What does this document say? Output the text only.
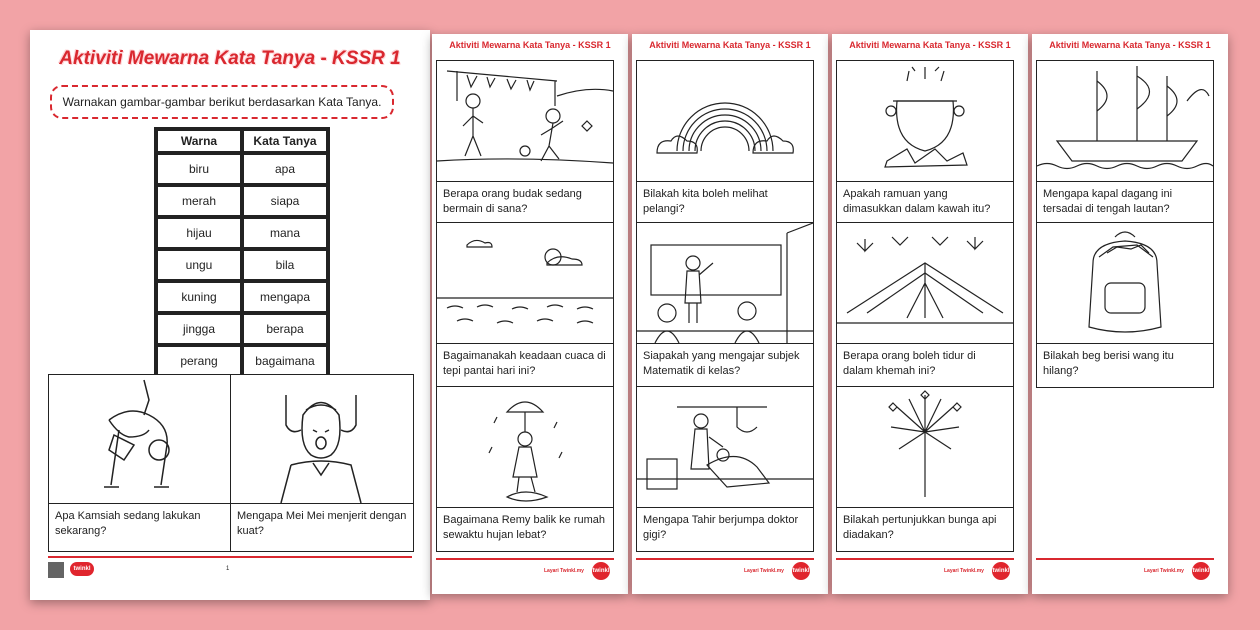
Aktiviti Mewarna Kata Tanya - KSSR 1
Warnakan gambar-gambar berikut berdasarkan Kata Tanya.
Warna	Kata Tanya
biru	apa
merah	siapa
hijau	mana
ungu	bila
kuning	mengapa
jingga	berapa
perang	bagaimana
Apa Kamsiah sedang lakukan sekarang?
Mengapa Mei Mei menjerit dengan kuat?
twinkl	1
Aktiviti Mewarna Kata Tanya - KSSR 1
Berapa orang budak sedang bermain di sana?
Bagaimanakah keadaan cuaca di tepi pantai hari ini?
Bagaimana Remy balik ke rumah sewaktu hujan lebat?
Layari Twinkl.my twinkl
Aktiviti Mewarna Kata Tanya - KSSR 1
Bilakah kita boleh melihat pelangi?
Siapakah yang mengajar subjek Matematik di kelas?
Mengapa Tahir berjumpa doktor gigi?
Layari Twinkl.my twinkl
Aktiviti Mewarna Kata Tanya - KSSR 1
Apakah ramuan yang dimasukkan dalam kawah itu?
Berapa orang boleh tidur di dalam khemah ini?
Bilakah pertunjukkan bunga api diadakan?
Layari Twinkl.my twinkl
Aktiviti Mewarna Kata Tanya - KSSR 1
Mengapa kapal dagang ini tersadai di tengah lautan?
Bilakah beg berisi wang itu hilang?
Layari Twinkl.my twinkl
